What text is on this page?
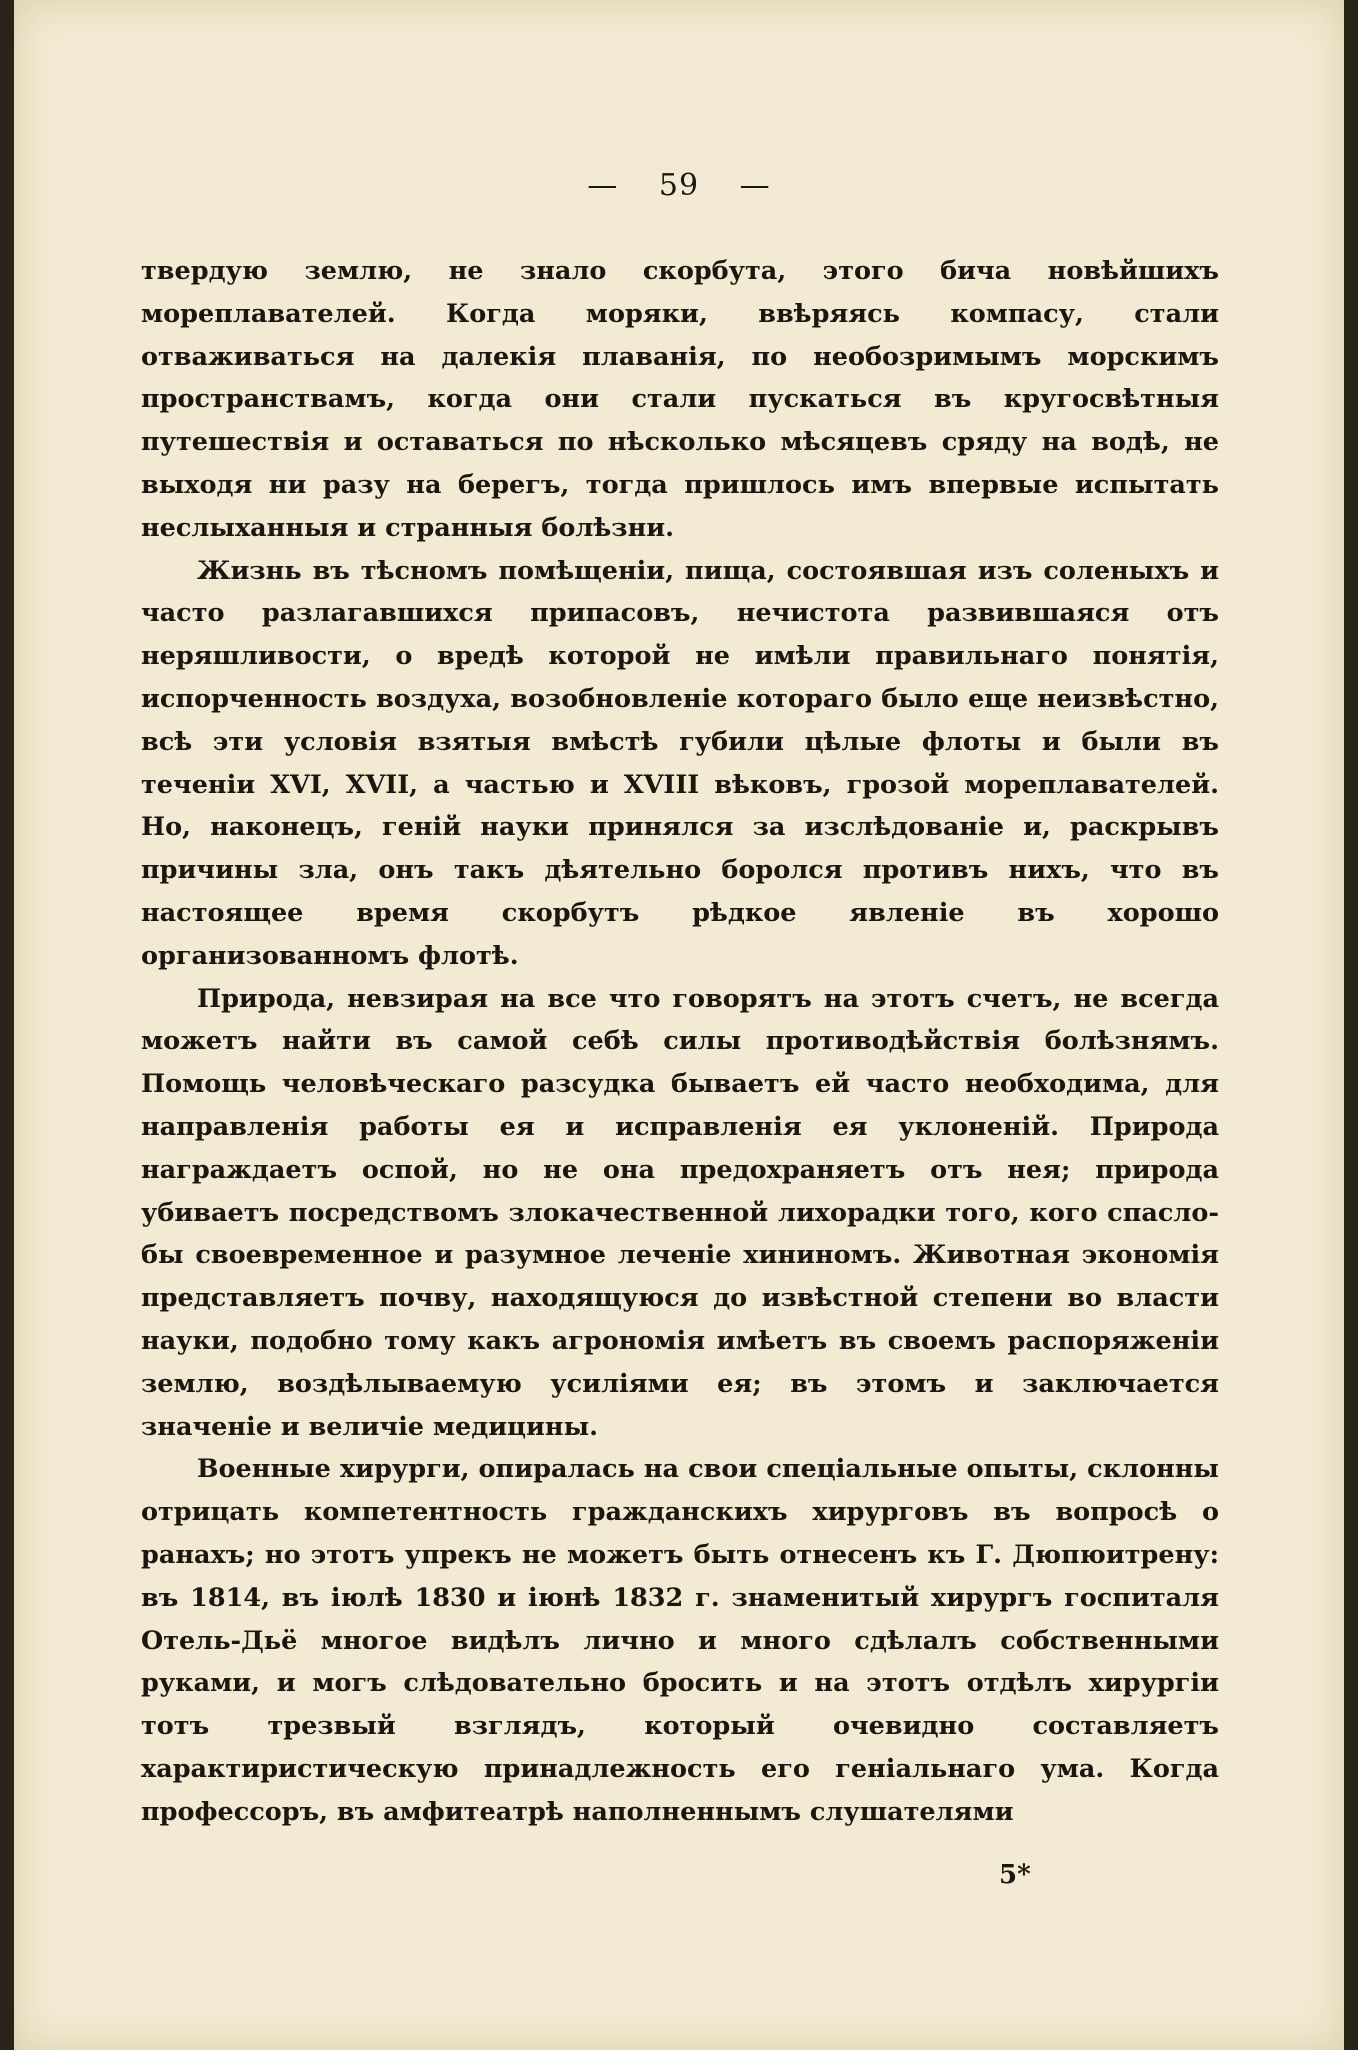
— 59 —

твердую землю, не знало скорбута, этого бича новѣйшихъ мореплавателей. Когда моряки, ввѣряясь компасу, стали отваживаться на далекія плаванія, по необозримымъ морскимъ пространствамъ, когда они стали пускаться въ кругосвѣтныя путешествія и оставаться по нѣсколько мѣсяцевъ сряду на водѣ, не выходя ни разу на берегъ, тогда пришлось имъ впервые испытать неслыханныя и странныя болѣзни.

Жизнь въ тѣсномъ помѣщеніи, пища, состоявшая изъ соленыхъ и часто разлагавшихся припасовъ, нечистота развившаяся отъ неряшливости, о вредѣ которой не имѣли правильнаго понятія, испорченность воздуха, возобновленіе котораго было еще неизвѣстно, всѣ эти условія взятыя вмѣстѣ губили цѣлые флоты и были въ теченіи XVI, XVII, а частью и XVIII вѣковъ, грозой мореплавателей. Но, наконецъ, геній науки принялся за изслѣдованіе и, раскрывъ причины зла, онъ такъ дѣятельно боролся противъ нихъ, что въ настоящее время скорбутъ рѣдкое явленіе въ хорошо организованномъ флотѣ.

Природа, невзирая на все что говорятъ на этотъ счетъ, не всегда можетъ найти въ самой себѣ силы противодѣйствія болѣзнямъ. Помощь человѣческаго разсудка бываетъ ей часто необходима, для направленія работы ея и исправленія ея уклоненій. Природа награждаетъ оспой, но не она предохраняетъ отъ нея; природа убиваетъ посредствомъ злокачественной лихорадки того, кого спасло-бы своевременное и разумное леченіе хининомъ. Животная экономія представляетъ почву, находящуюся до извѣстной степени во власти науки, подобно тому какъ агрономія имѣетъ въ своемъ распоряженіи землю, воздѣлываемую усиліями ея; въ этомъ и заключается значеніе и величіе медицины.

Военные хирурги, опиралась на свои спеціальные опыты, склонны отрицать компетентность гражданскихъ хирурговъ въ вопросѣ о ранахъ; но этотъ упрекъ не можетъ быть отнесенъ къ Г. Дюпюитрену: въ 1814, въ іюлѣ 1830 и іюнѣ 1832 г. знаменитый хирургъ госпиталя Отель-Дьё многое видѣлъ лично и много сдѣлалъ собственными руками, и могъ слѣдовательно бросить и на этотъ отдѣлъ хирургіи тотъ трезвый взглядъ, который очевидно составляетъ характиристическую принадлежность его геніальнаго ума. Когда профессоръ, въ амфитеатрѣ наполненнымъ слушателями

5*
